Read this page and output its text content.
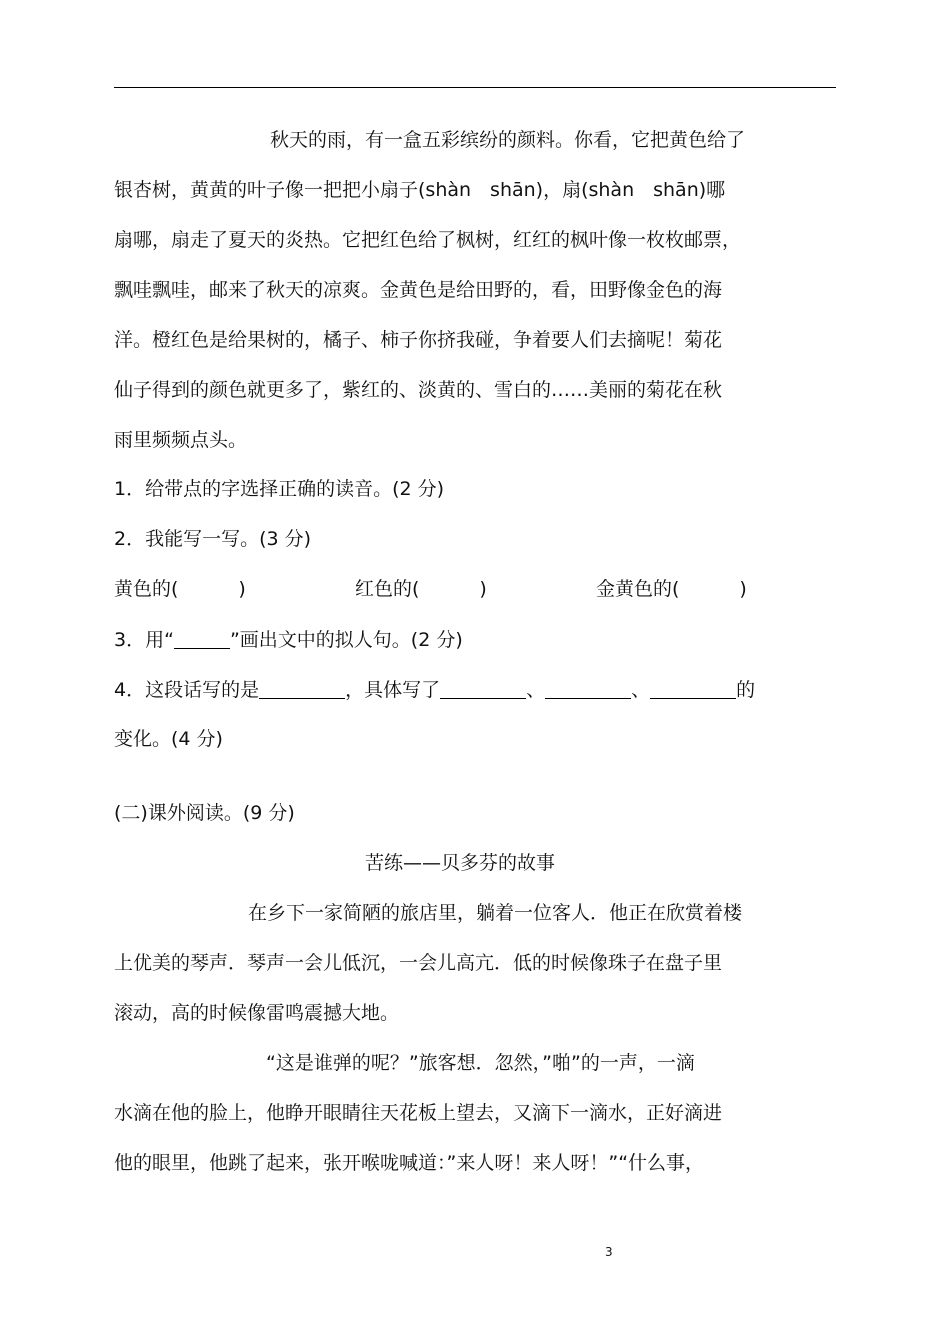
秋天的雨，有一盒五彩缤纷的颜料。你看，它把黄色给了
银杏树，黄黄的叶子像一把把小扇子(shàn　shān)，扇(shàn　shān)哪
扇哪，扇走了夏天的炎热。它把红色给了枫树，红红的枫叶像一枚枚邮票，
飘哇飘哇，邮来了秋天的凉爽。金黄色是给田野的，看，田野像金色的海
洋。橙红色是给果树的，橘子、柿子你挤我碰，争着要人们去摘呢！菊花
仙子得到的颜色就更多了，紫红的、淡黄的、雪白的……美丽的菊花在秋
雨里频频点头。
1．给带点的字选择正确的读音。(2 分)
2．我能写一写。(3 分)
黄色的(	)	红色的(	)	金黄色的(	)
3．用“	”画出文中的拟人句。(2 分)
4．这段话写的是	，具体写了	、	、	的
变化。(4 分)
(二)课外阅读。(9 分)
苦练——贝多芬的故事
在乡下一家简陋的旅店里，躺着一位客人．他正在欣赏着楼
上优美的琴声．琴声一会儿低沉，一会儿高亢．低的时候像珠子在盘子里
滚动，高的时候像雷鸣震撼大地。
“这是谁弹的呢？”旅客想．忽然，”啪”的一声，一滴
水滴在他的脸上，他睁开眼睛往天花板上望去，又滴下一滴水，正好滴进
他的眼里，他跳了起来，张开喉咙喊道：”来人呀！来人呀！”“什么事，
3
